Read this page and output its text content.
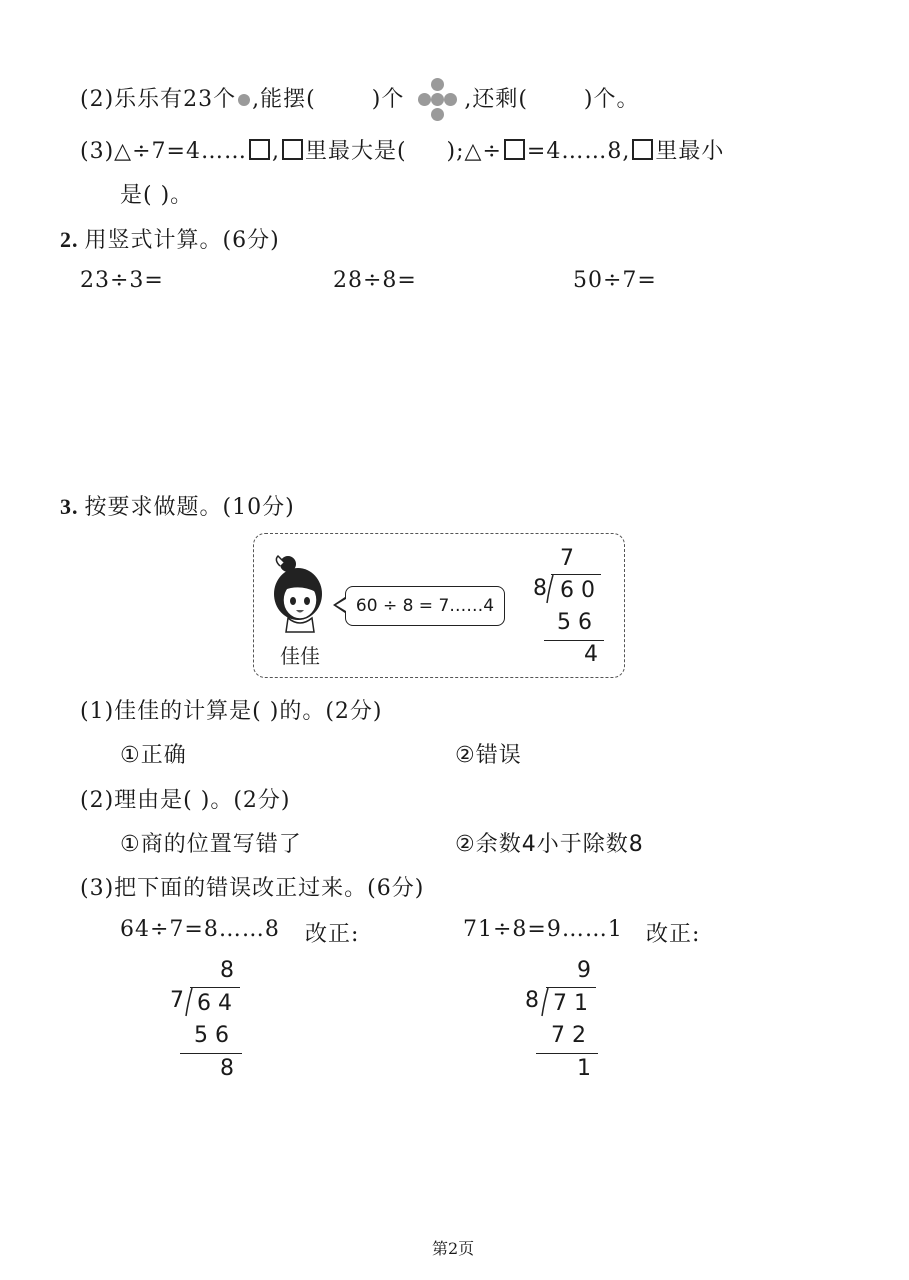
(2)乐乐有23个 ,能摆(	)个	,还剩(	)个。
(3)△÷7=4…… , 里最大是( );△÷ =4……8, 里最小
是( )。
2. 用竖式计算。(6分)
23÷3=	28÷8=	50÷7=
3. 按要求做题。(10分)
佳佳
60 ÷ 8 = 7……4
7
8 6 0
5 6
4
(1)佳佳的计算是( )的。(2分)
①正确	②错误
(2)理由是( )。(2分)
①商的位置写错了	②余数4小于除数8
(3)把下面的错误改正过来。(6分)
64÷7=8……8 改正:	71÷8=9……1 改正:
8
7 6 4
5 6
8
9
8 7 1
7 2
1
第2页
